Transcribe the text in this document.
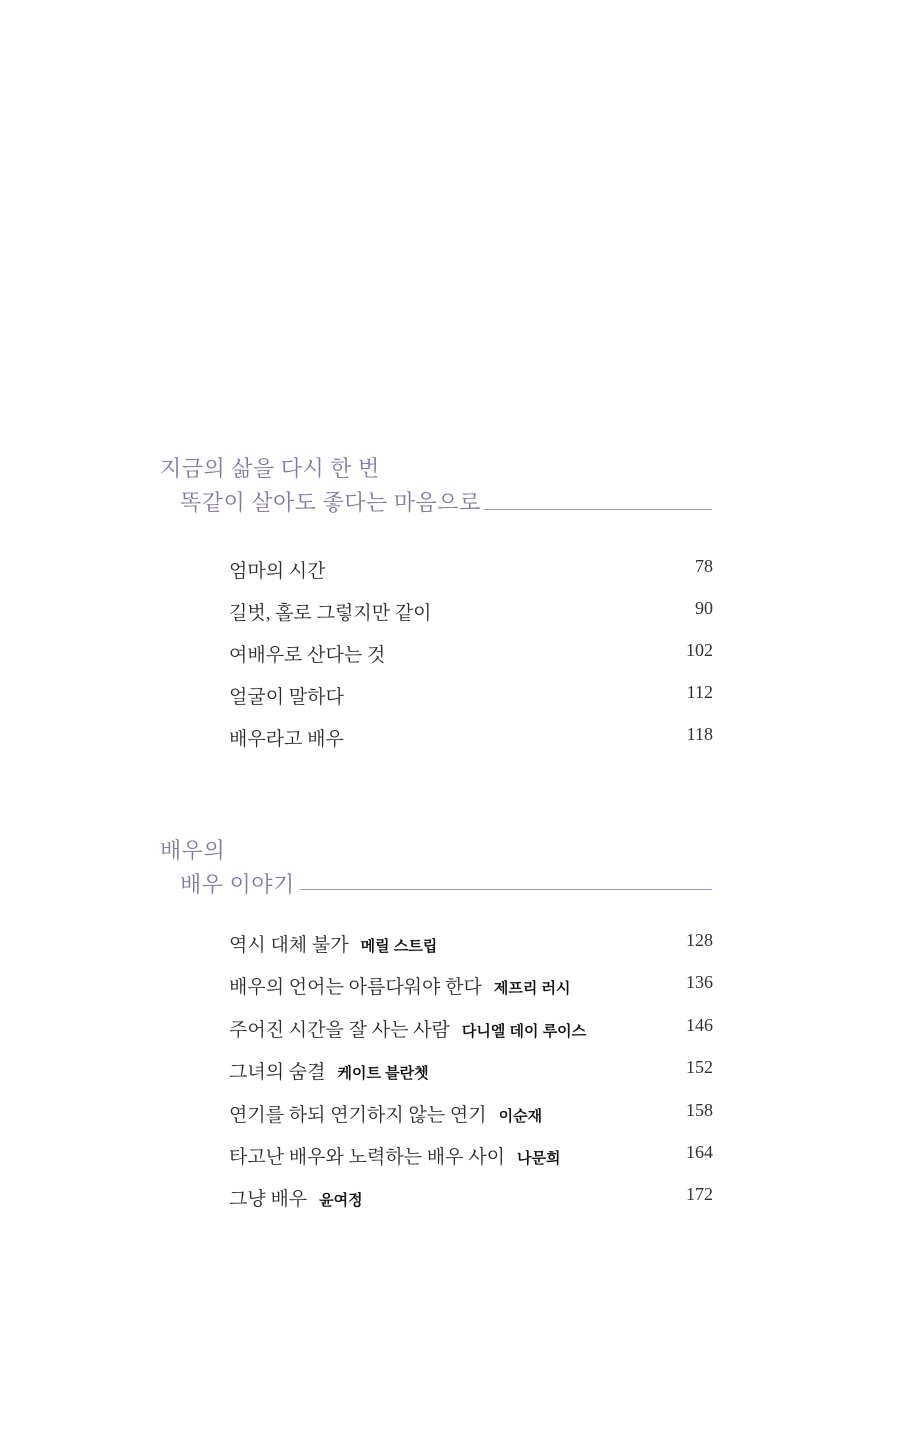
지금의 삶을 다시 한 번
똑같이 살아도 좋다는 마음으로
엄마의 시간	78
길벗, 홀로 그렇지만 같이	90
여배우로 산다는 것	102
얼굴이 말하다	112
배우라고 배우	118
배우의
배우 이야기
역시 대체 불가 메릴 스트립	128
배우의 언어는 아름다워야 한다 제프리 러시	136
주어진 시간을 잘 사는 사람 다니엘 데이 루이스	146
그녀의 숨결 케이트 블란쳇	152
연기를 하되 연기하지 않는 연기 이순재	158
타고난 배우와 노력하는 배우 사이 나문희	164
그냥 배우 윤여정	172
